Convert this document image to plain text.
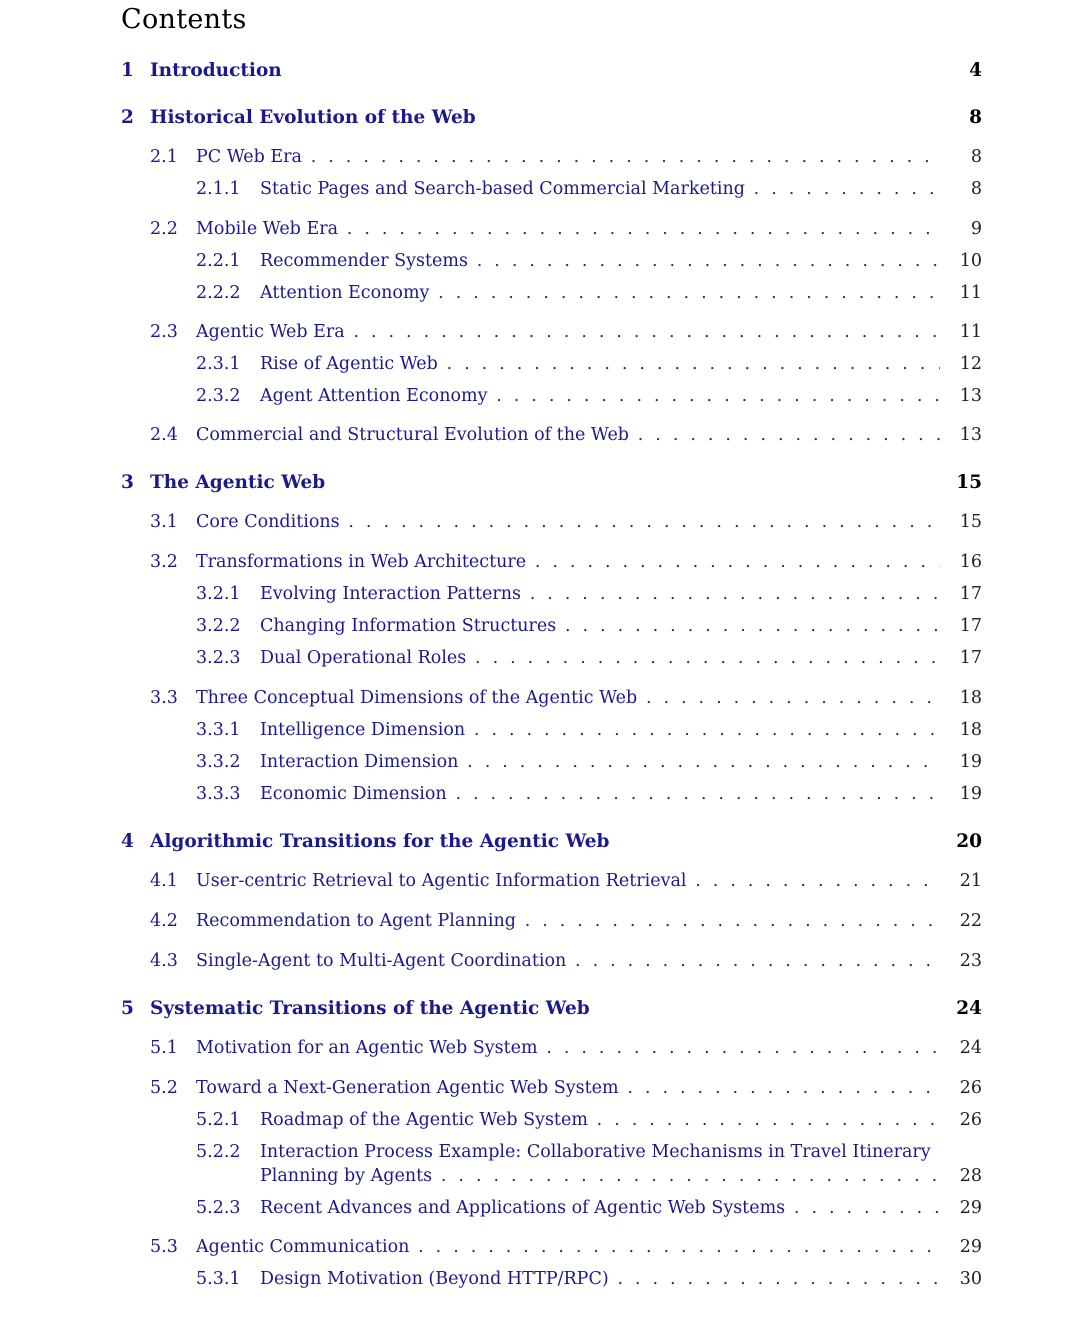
Contents
1 Introduction	4
2 Historical Evolution of the Web	8
2.1 PC Web Era . . .	8
2.1.1 Static Pages and Search-based Commercial Marketing . . .	8
2.2 Mobile Web Era . . .	9
2.2.1 Recommender Systems . . .	10
2.2.2 Attention Economy . . .	11
2.3 Agentic Web Era . . .	11
2.3.1 Rise of Agentic Web . . .	12
2.3.2 Agent Attention Economy . . .	13
2.4 Commercial and Structural Evolution of the Web . . .	13
3 The Agentic Web	15
3.1 Core Conditions . . .	15
3.2 Transformations in Web Architecture . . .	16
3.2.1 Evolving Interaction Patterns . . .	17
3.2.2 Changing Information Structures . . .	17
3.2.3 Dual Operational Roles . . .	17
3.3 Three Conceptual Dimensions of the Agentic Web . . .	18
3.3.1 Intelligence Dimension . . .	18
3.3.2 Interaction Dimension . . .	19
3.3.3 Economic Dimension . . .	19
4 Algorithmic Transitions for the Agentic Web	20
4.1 User-centric Retrieval to Agentic Information Retrieval . . .	21
4.2 Recommendation to Agent Planning . . .	22
4.3 Single-Agent to Multi-Agent Coordination . . .	23
5 Systematic Transitions of the Agentic Web	24
5.1 Motivation for an Agentic Web System . . .	24
5.2 Toward a Next-Generation Agentic Web System . . .	26
5.2.1 Roadmap of the Agentic Web System . . .	26
5.2.2 Interaction Process Example: Collaborative Mechanisms in Travel Itinerary
Planning by Agents . . .	28
5.2.3 Recent Advances and Applications of Agentic Web Systems . . .	29
5.3 Agentic Communication . . .	29
5.3.1 Design Motivation (Beyond HTTP/RPC) . . .	30
